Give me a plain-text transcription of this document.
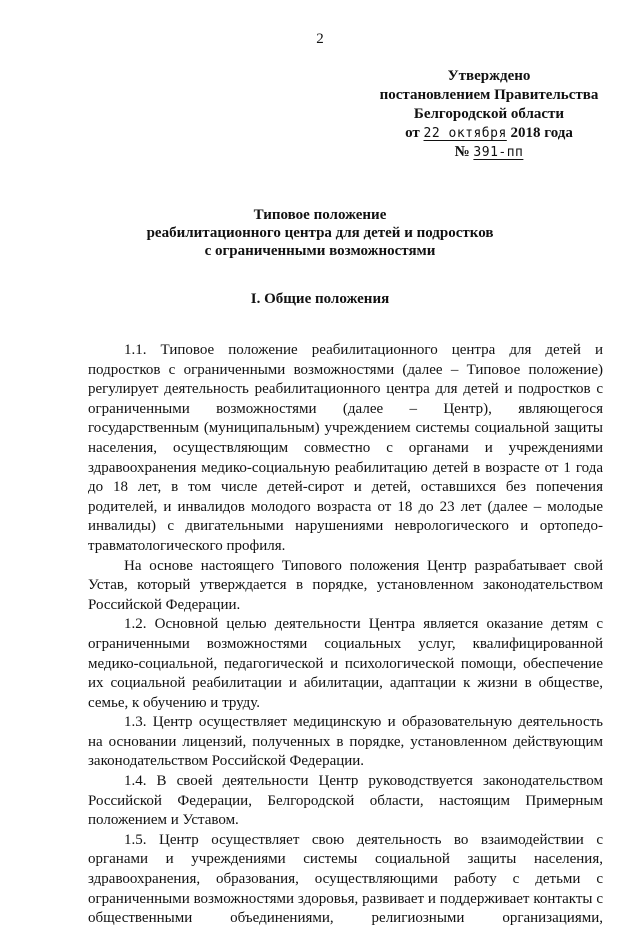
2
Утверждено
постановлением Правительства
Белгородской области
от 22 октября 2018 года
№ 391-пп
Типовое положение
реабилитационного центра для детей и подростков
с ограниченными возможностями
I. Общие положения

1.1. Типовое положение реабилитационного центра для детей и подростков с ограниченными возможностями (далее – Типовое положение) регулирует деятельность реабилитационного центра для детей и подростков с ограниченными возможностями (далее – Центр), являющегося государственным (муниципальным) учреждением системы социальной защиты населения, осуществляющим совместно с органами и учреждениями здравоохранения медико-социальную реабилитацию детей в возрасте от 1 года до 18 лет, в том числе детей-сирот и детей, оставшихся без попечения родителей, и инвалидов молодого возраста от 18 до 23 лет (далее – молодые инвалиды) с двигательными нарушениями неврологического и ортопедо-травматологического профиля.

На основе настоящего Типового положения Центр разрабатывает свой Устав, который утверждается в порядке, установленном законодательством Российской Федерации.

1.2. Основной целью деятельности Центра является оказание детям с ограниченными возможностями социальных услуг, квалифицированной медико-социальной, педагогической и психологической помощи, обеспечение их социальной реабилитации и абилитации, адаптации к жизни в обществе, семье, к обучению и труду.

1.3. Центр осуществляет медицинскую и образовательную деятельность на основании лицензий, полученных в порядке, установленном действующим законодательством Российской Федерации.

1.4. В своей деятельности Центр руководствуется законодательством Российской Федерации, Белгородской области, настоящим Примерным положением и Уставом.

1.5. Центр осуществляет свою деятельность во взаимодействии с органами и учреждениями системы социальной защиты населения, здравоохранения, образования, осуществляющими работу с детьми с ограниченными возможностями здоровья, развивает и поддерживает контакты с общественными объединениями, религиозными организациями,
